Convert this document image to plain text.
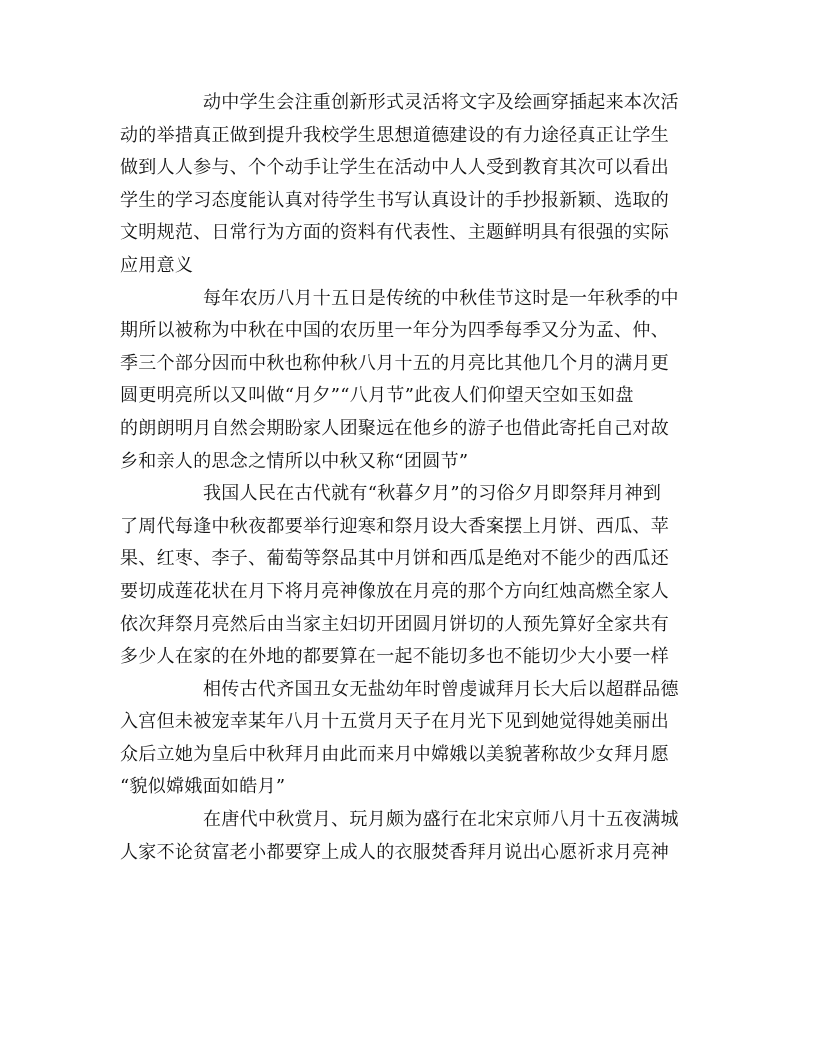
动中学生会注重创新形式灵活将文字及绘画穿插起来本次活
动的举措真正做到提升我校学生思想道德建设的有力途径真正让学生
做到人人参与、个个动手让学生在活动中人人受到教育其次可以看出
学生的学习态度能认真对待学生书写认真设计的手抄报新颖、选取的
文明规范、日常行为方面的资料有代表性、主题鲜明具有很强的实际
应用意义
每年农历八月十五日是传统的中秋佳节这时是一年秋季的中
期所以被称为中秋在中国的农历里一年分为四季每季又分为孟、仲、
季三个部分因而中秋也称仲秋八月十五的月亮比其他几个月的满月更
圆更明亮所以又叫做“月夕”“八月节”此夜人们仰望天空如玉如盘
的朗朗明月自然会期盼家人团聚远在他乡的游子也借此寄托自己对故
乡和亲人的思念之情所以中秋又称“团圆节”
我国人民在古代就有“秋暮夕月”的习俗夕月即祭拜月神到
了周代每逢中秋夜都要举行迎寒和祭月设大香案摆上月饼、西瓜、苹
果、红枣、李子、葡萄等祭品其中月饼和西瓜是绝对不能少的西瓜还
要切成莲花状在月下将月亮神像放在月亮的那个方向红烛高燃全家人
依次拜祭月亮然后由当家主妇切开团圆月饼切的人预先算好全家共有
多少人在家的在外地的都要算在一起不能切多也不能切少大小要一样
相传古代齐国丑女无盐幼年时曾虔诚拜月长大后以超群品德
入宫但未被宠幸某年八月十五赏月天子在月光下见到她觉得她美丽出
众后立她为皇后中秋拜月由此而来月中嫦娥以美貌著称故少女拜月愿
“貌似嫦娥面如皓月”
在唐代中秋赏月、玩月颇为盛行在北宋京师八月十五夜满城
人家不论贫富老小都要穿上成人的衣服焚香拜月说出心愿祈求月亮神
